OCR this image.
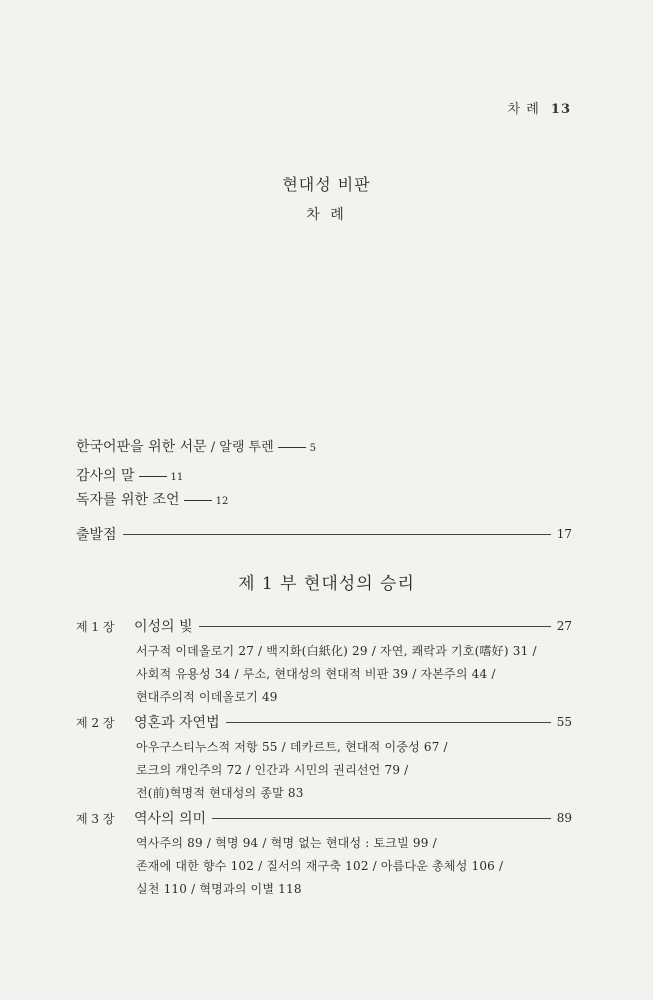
차 례 13
현대성 비판
차 례
한국어판을 위한 서문 / 알랭 투렌	5
감사의 말	11
독자를 위한 조언	12
출발점	17
제 1 부 현대성의 승리
제 1 장	이성의 빛	27
서구적 이데올로기 27 / 백지화(白紙化) 29 / 자연, 쾌락과 기호(嗜好) 31 /
사회적 유용성 34 / 루소, 현대성의 현대적 비판 39 / 자본주의 44 /
현대주의적 이데올로기 49
제 2 장	영혼과 자연법	55
아우구스티누스적 저항 55 / 데카르트, 현대적 이중성 67 /
로크의 개인주의 72 / 인간과 시민의 권리선언 79 /
전(前)혁명적 현대성의 종말 83
제 3 장	역사의 의미	89
역사주의 89 / 혁명 94 / 혁명 없는 현대성 : 토크빌 99 /
존재에 대한 향수 102 / 질서의 재구축 102 / 아름다운 총체성 106 /
실천 110 / 혁명과의 이별 118
